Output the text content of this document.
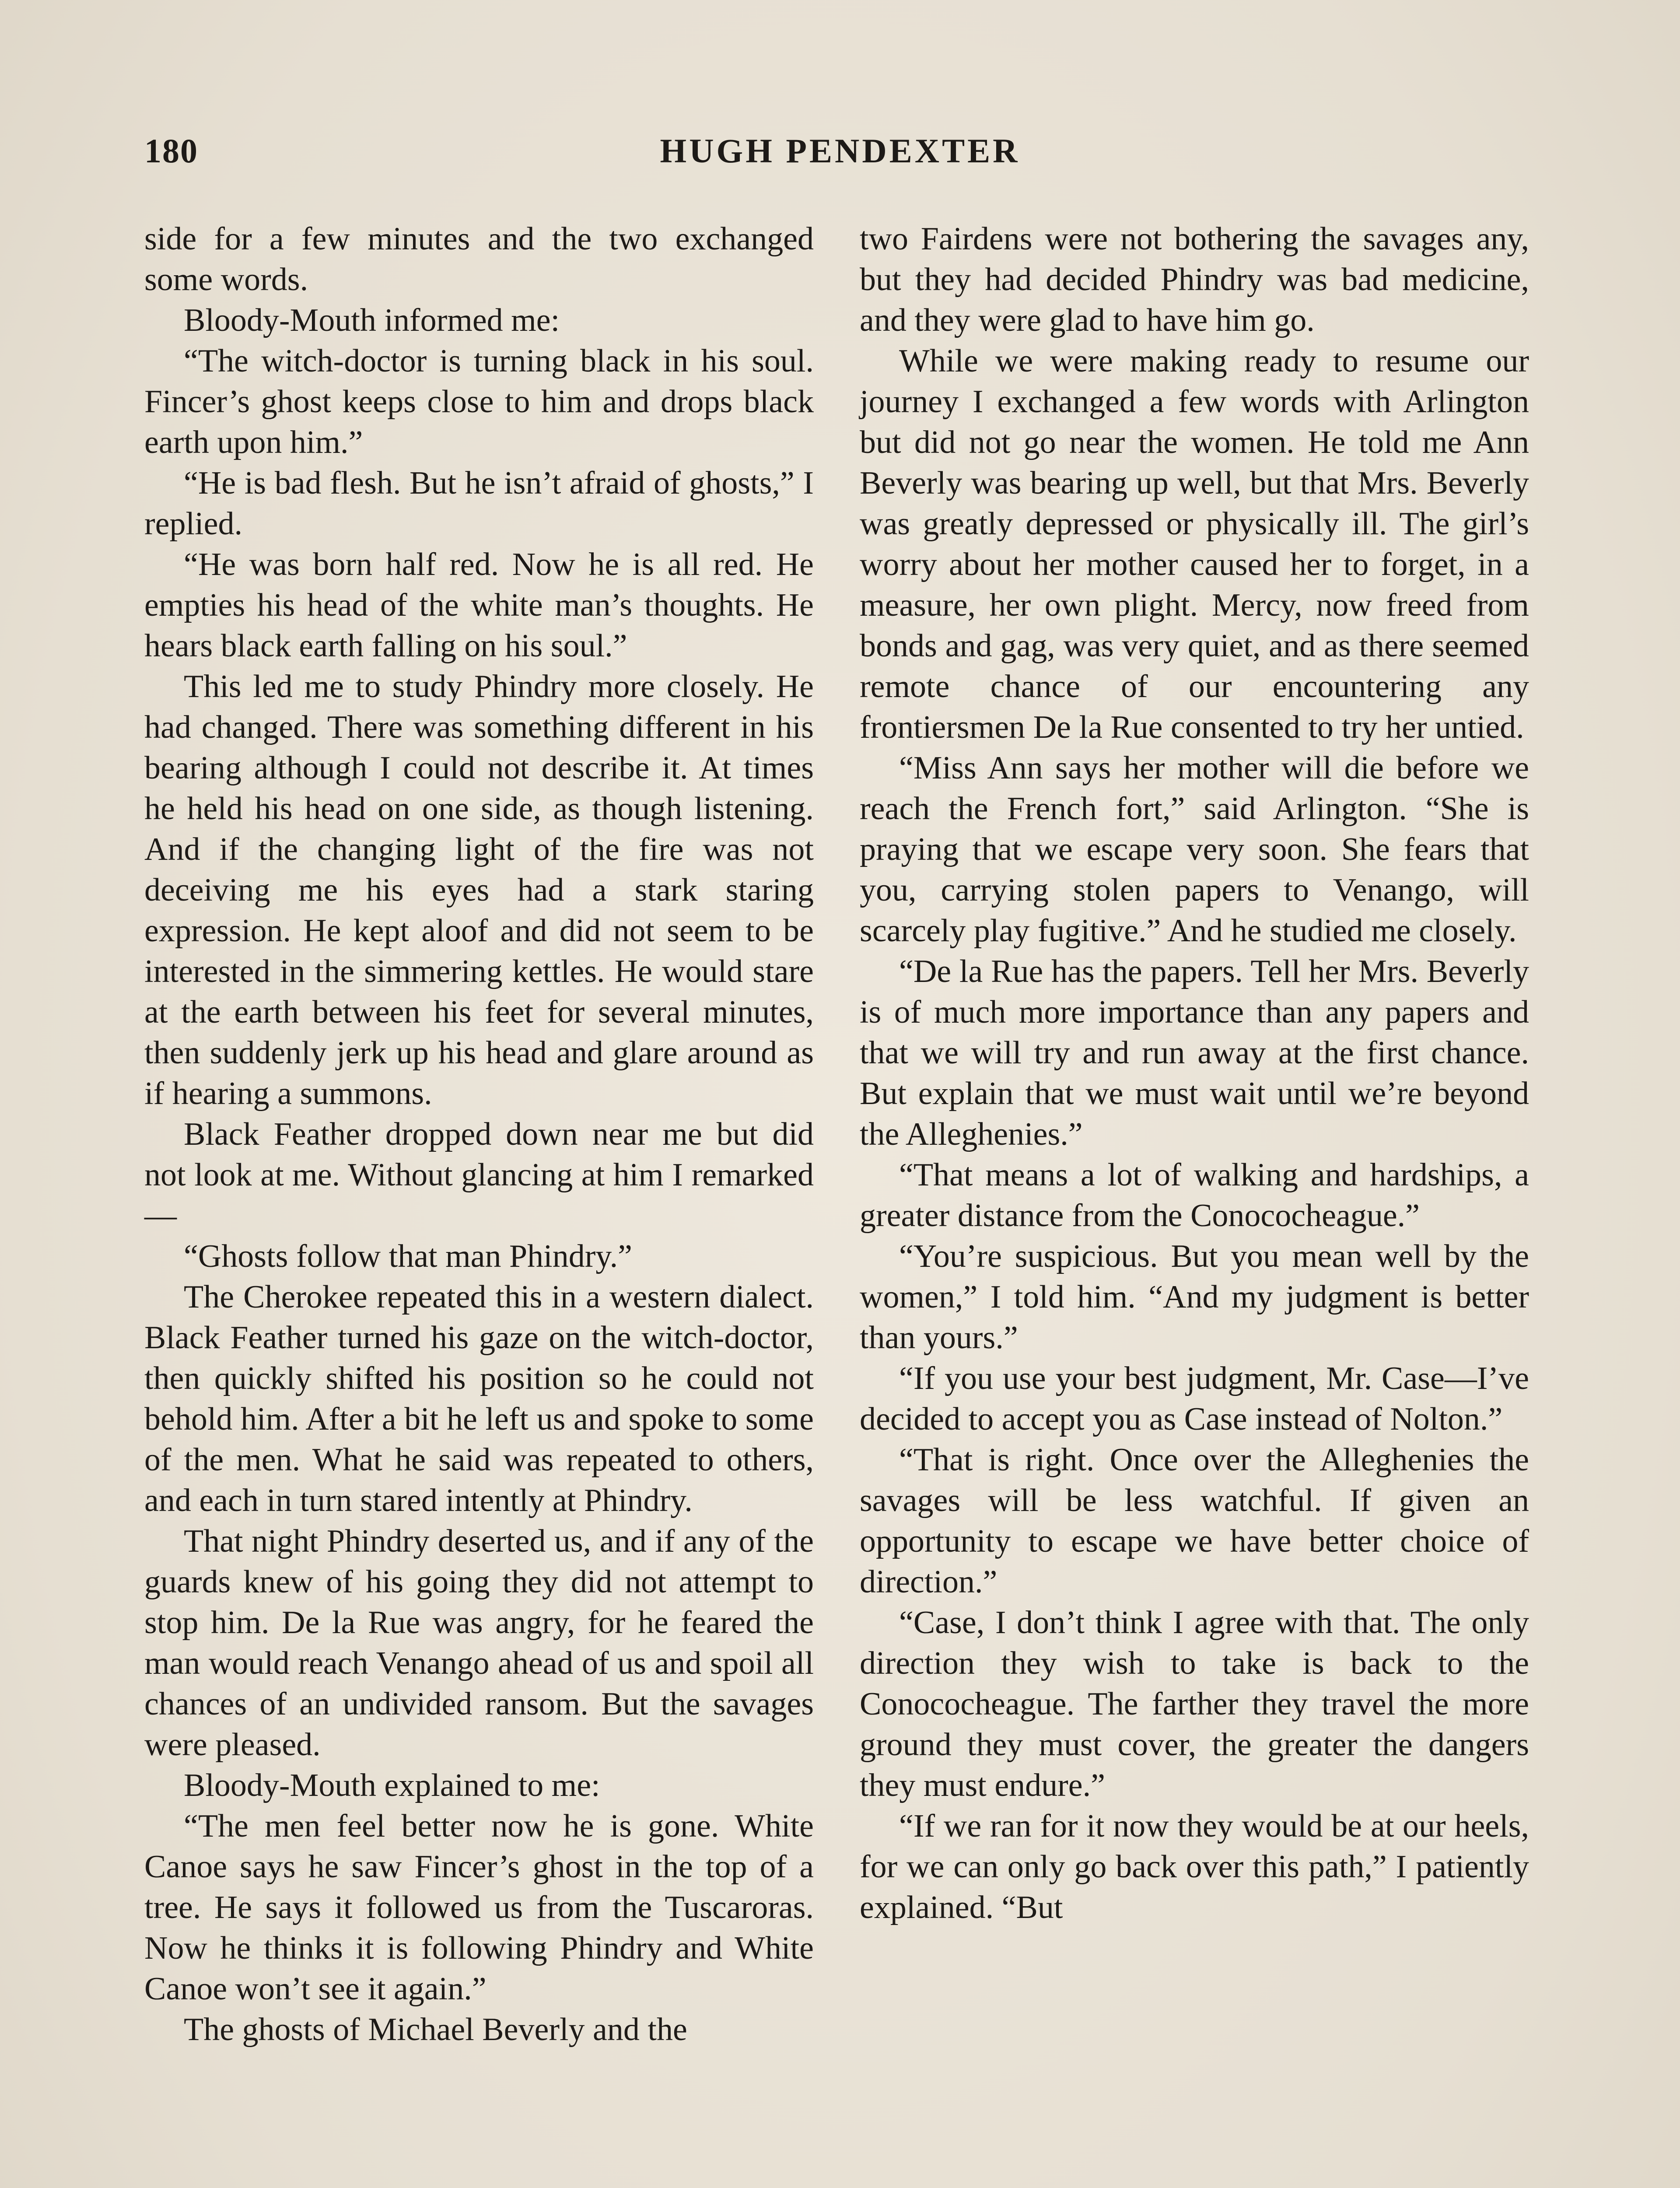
180	HUGH PENDEXTER

side for a few minutes and the two exchanged some words.

Bloody-Mouth informed me:

“The witch-doctor is turning black in his soul. Fincer’s ghost keeps close to him and drops black earth upon him.”

“He is bad flesh. But he isn’t afraid of ghosts,” I replied.

“He was born half red. Now he is all red. He empties his head of the white man’s thoughts. He hears black earth falling on his soul.”

This led me to study Phindry more closely. He had changed. There was something different in his bearing although I could not describe it. At times he held his head on one side, as though listening. And if the changing light of the fire was not deceiving me his eyes had a stark staring expression. He kept aloof and did not seem to be interested in the simmering kettles. He would stare at the earth between his feet for several minutes, then suddenly jerk up his head and glare around as if hearing a summons.

Black Feather dropped down near me but did not look at me. Without glancing at him I remarked—

“Ghosts follow that man Phindry.”

The Cherokee repeated this in a western dialect. Black Feather turned his gaze on the witch-doctor, then quickly shifted his position so he could not behold him. After a bit he left us and spoke to some of the men. What he said was repeated to others, and each in turn stared intently at Phindry.

That night Phindry deserted us, and if any of the guards knew of his going they did not attempt to stop him. De la Rue was angry, for he feared the man would reach Venango ahead of us and spoil all chances of an undivided ransom. But the savages were pleased.

Bloody-Mouth explained to me:

“The men feel better now he is gone. White Canoe says he saw Fincer’s ghost in the top of a tree. He says it followed us from the Tuscaroras. Now he thinks it is following Phindry and White Canoe won’t see it again.”

The ghosts of Michael Beverly and the

two Fairdens were not bothering the savages any, but they had decided Phindry was bad medicine, and they were glad to have him go.

While we were making ready to resume our journey I exchanged a few words with Arlington but did not go near the women. He told me Ann Beverly was bearing up well, but that Mrs. Beverly was greatly depressed or physically ill. The girl’s worry about her mother caused her to forget, in a measure, her own plight. Mercy, now freed from bonds and gag, was very quiet, and as there seemed remote chance of our encountering any frontiersmen De la Rue consented to try her untied.

“Miss Ann says her mother will die before we reach the French fort,” said Arlington. “She is praying that we escape very soon. She fears that you, carrying stolen papers to Venango, will scarcely play fugitive.” And he studied me closely.

“De la Rue has the papers. Tell her Mrs. Beverly is of much more importance than any papers and that we will try and run away at the first chance. But explain that we must wait until we’re beyond the Alleghenies.”

“That means a lot of walking and hardships, a greater distance from the Conococheague.”

“You’re suspicious. But you mean well by the women,” I told him. “And my judgment is better than yours.”

“If you use your best judgment, Mr. Case—I’ve decided to accept you as Case instead of Nolton.”

“That is right. Once over the Alleghenies the savages will be less watchful. If given an opportunity to escape we have better choice of direction.”

“Case, I don’t think I agree with that. The only direction they wish to take is back to the Conococheague. The farther they travel the more ground they must cover, the greater the dangers they must endure.”

“If we ran for it now they would be at our heels, for we can only go back over this path,” I patiently explained. “But
